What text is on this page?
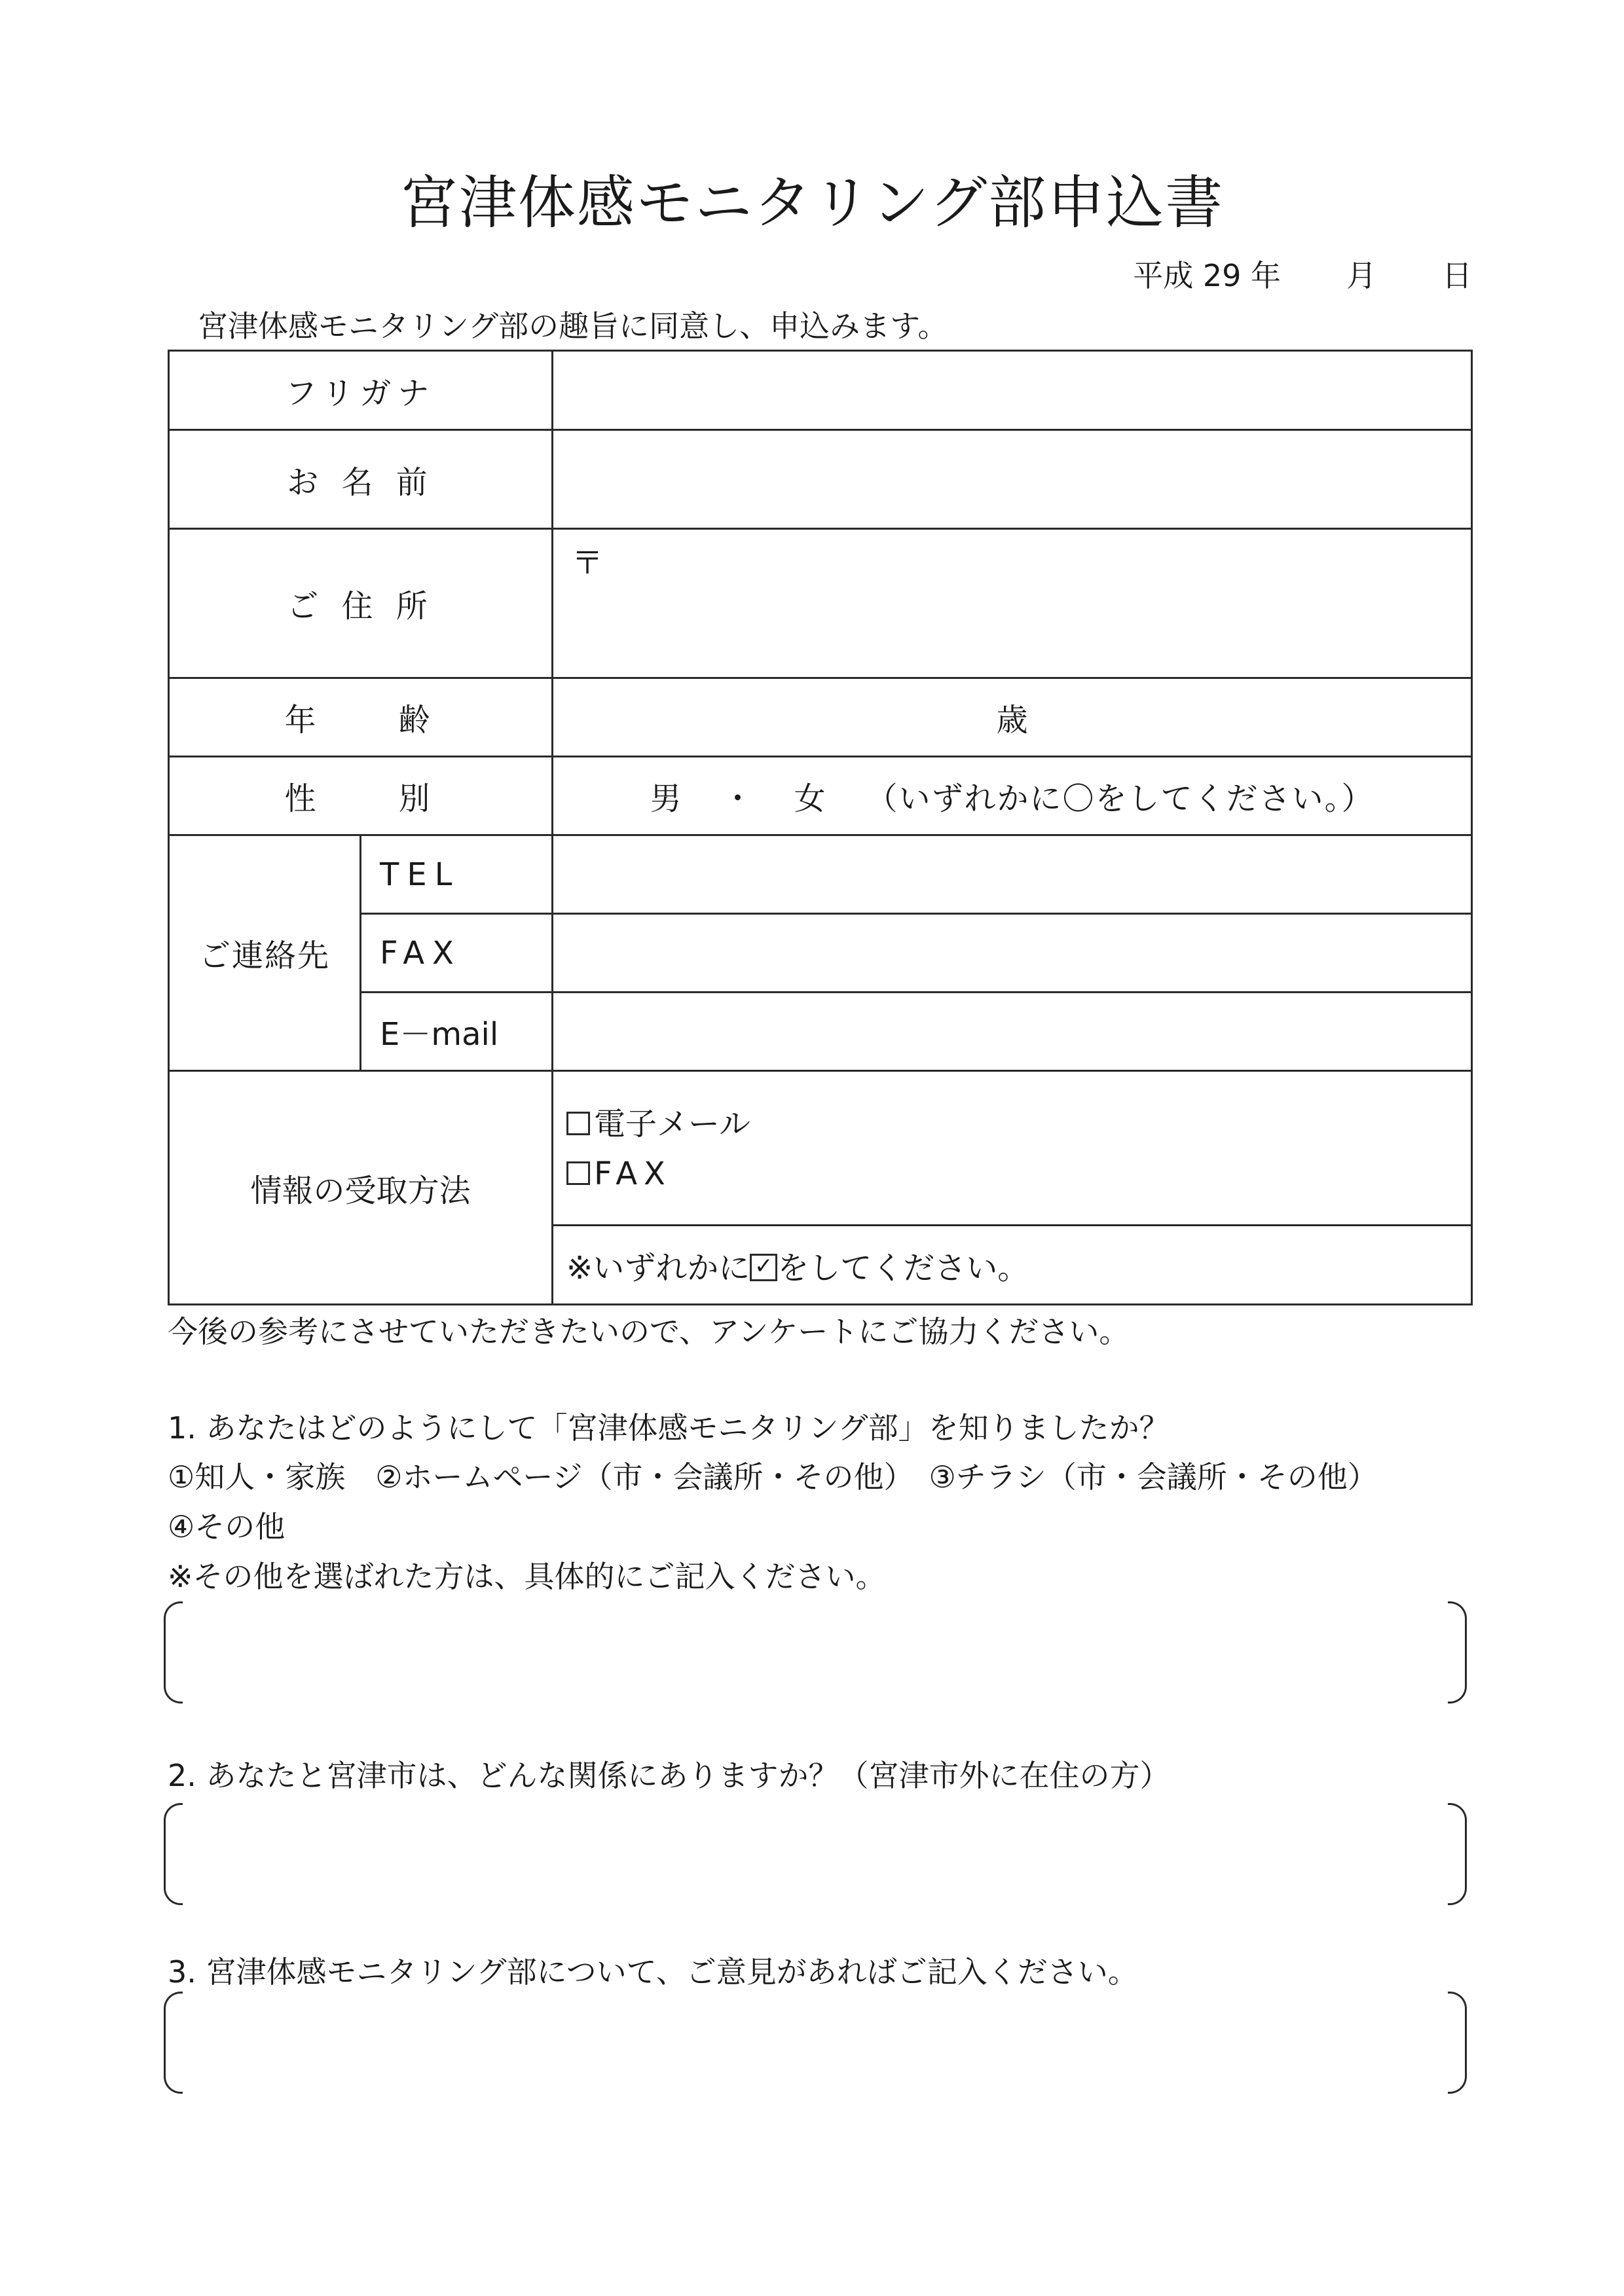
宮津体感モニタリング部申込書
平成 29 年 月 日
宮津体感モニタリング部の趣旨に同意し、申込みます。
フリガナ		
お 名 前		
ご 住 所		〒

年　　齢		歳
性　　別		男 ・ 女 （いずれかに〇をしてください。）
ご連絡先	TEL	
	FAX	
	E－mail	
情報の受取方法		電子メール
FAX

		※いずれかに ✓ をしてください。
今後の参考にさせていただきたいので、アンケートにご協力ください。
1. あなたはどのようにして「宮津体感モニタリング部」を知りましたか？
①知人・家族　②ホームページ（市・会議所・その他）　③チラシ（市・会議所・その他）
④その他
※その他を選ばれた方は、具体的にご記入ください。
2. あなたと宮津市は、どんな関係にありますか？（宮津市外に在住の方）
3. 宮津体感モニタリング部について、ご意見があればご記入ください。
